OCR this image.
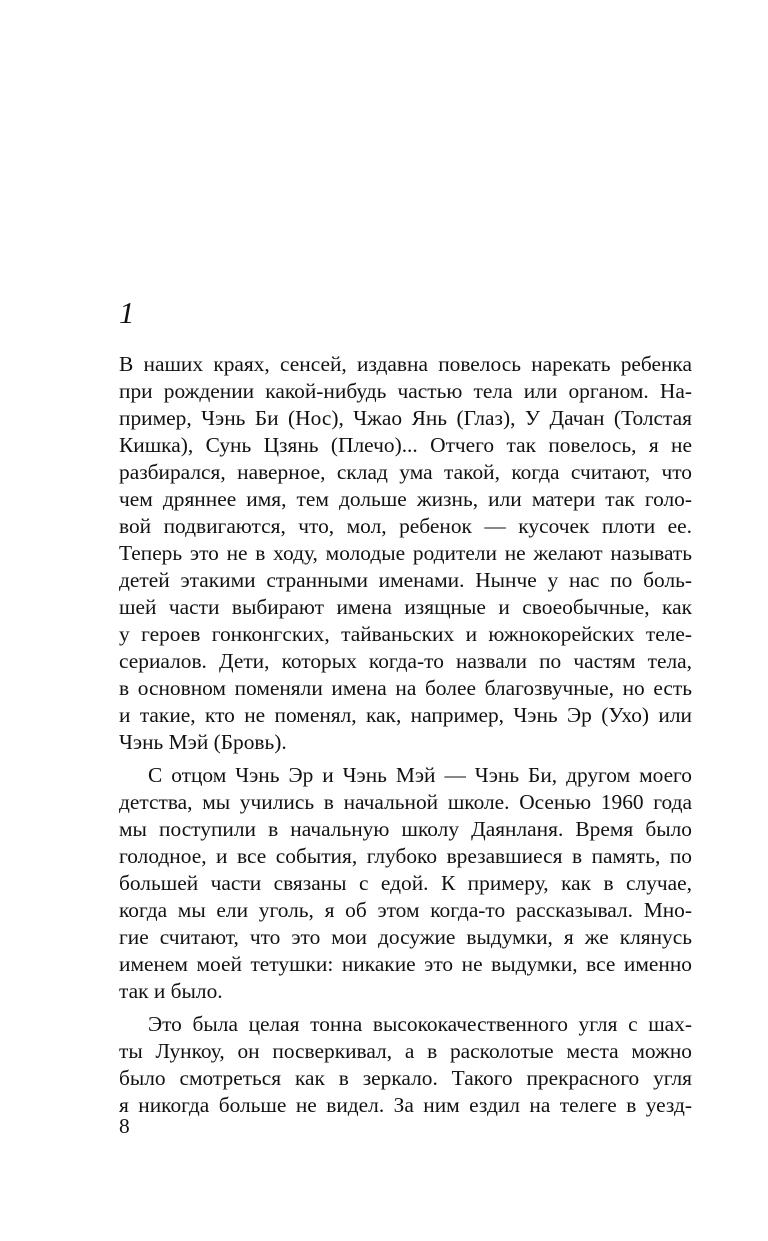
1
В наших краях, сенсей, издавна повелось нарекать ребенка
при рождении какой-нибудь частью тела или органом. На-
пример, Чэнь Би (Нос), Чжао Янь (Глаз), У Дачан (Толстая
Кишка), Сунь Цзянь (Плечо)... Отчего так повелось, я не
разбирался, наверное, склад ума такой, когда считают, что
чем дряннее имя, тем дольше жизнь, или матери так голо-
вой подвигаются, что, мол, ребенок — кусочек плоти ее.
Теперь это не в ходу, молодые родители не желают называть
детей этакими странными именами. Нынче у нас по боль-
шей части выбирают имена изящные и своеобычные, как
у героев гонконгских, тайваньских и южнокорейских теле-
сериалов. Дети, которых когда-то назвали по частям тела,
в основном поменяли имена на более благозвучные, но есть
и такие, кто не поменял, как, например, Чэнь Эр (Ухо) или
Чэнь Мэй (Бровь).
С отцом Чэнь Эр и Чэнь Мэй — Чэнь Би, другом моего
детства, мы учились в начальной школе. Осенью 1960 года
мы поступили в начальную школу Даянланя. Время было
голодное, и все события, глубоко врезавшиеся в память, по
большей части связаны с едой. К примеру, как в случае,
когда мы ели уголь, я об этом когда-то рассказывал. Мно-
гие считают, что это мои досужие выдумки, я же клянусь
именем моей тетушки: никакие это не выдумки, все именно
так и было.
Это была целая тонна высококачественного угля с шах-
ты Лункоу, он посверкивал, а в расколотые места можно
было смотреться как в зеркало. Такого прекрасного угля
я никогда больше не видел. За ним ездил на телеге в уезд-
8
